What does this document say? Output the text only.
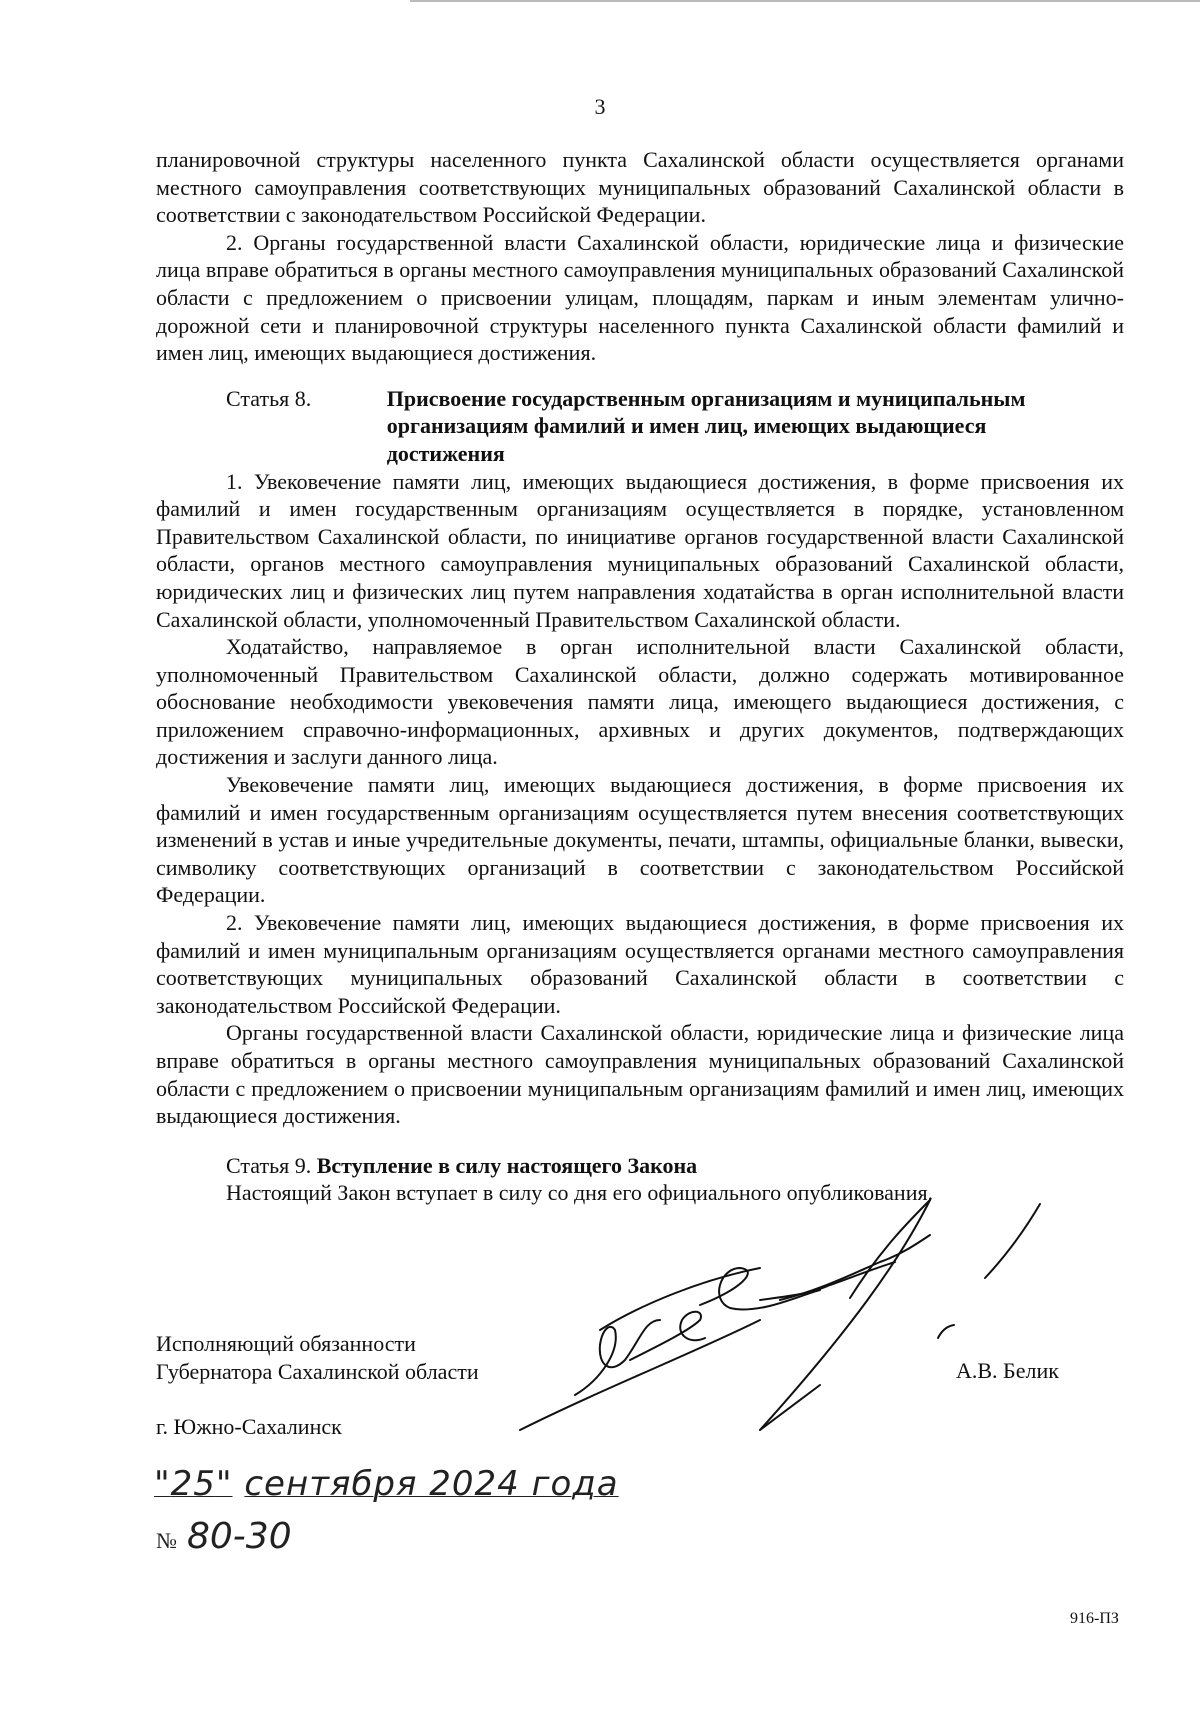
3

планировочной структуры населенного пункта Сахалинской области осуществляется органами местного самоуправления соответствующих муниципальных образований Сахалинской области в соответствии с законодательством Российской Федерации.

2. Органы государственной власти Сахалинской области, юридические лица и физические лица вправе обратиться в органы местного самоуправления муниципальных образований Сахалинской области с предложением о присвоении улицам, площадям, паркам и иным элементам улично-дорожной сети и планировочной структуры населенного пункта Сахалинской области фамилий и имен лиц, имеющих выдающиеся достижения.

Статья 8.
	Присвоение государственным организациям и муниципальным
организациям фамилий и имен лиц, имеющих выдающиеся
достижения

1. Увековечение памяти лиц, имеющих выдающиеся достижения, в форме присвоения их фамилий и имен государственным организациям осуществляется в порядке, установленном Правительством Сахалинской области, по инициативе органов государственной власти Сахалинской области, органов местного самоуправления муниципальных образований Сахалинской области, юридических лиц и физических лиц путем направления ходатайства в орган исполнительной власти Сахалинской области, уполномоченный Правительством Сахалинской области.

Ходатайство, направляемое в орган исполнительной власти Сахалинской области, уполномоченный Правительством Сахалинской области, должно содержать мотивированное обоснование необходимости увековечения памяти лица, имеющего выдающиеся достижения, с приложением справочно-информационных, архивных и других документов, подтверждающих достижения и заслуги данного лица.

Увековечение памяти лиц, имеющих выдающиеся достижения, в форме присвоения их фамилий и имен государственным организациям осуществляется путем внесения соответствующих изменений в устав и иные учредительные документы, печати, штампы, официальные бланки, вывески, символику соответствующих организаций в соответствии с законодательством Российской Федерации.

2. Увековечение памяти лиц, имеющих выдающиеся достижения, в форме присвоения их фамилий и имен муниципальным организациям осуществляется органами местного самоуправления соответствующих муниципальных образований Сахалинской области в соответствии с законодательством Российской Федерации.

Органы государственной власти Сахалинской области, юридические лица и физические лица вправе обратиться в органы местного самоуправления муниципальных образований Сахалинской области с предложением о присвоении муниципальным организациям фамилий и имен лиц, имеющих выдающиеся достижения.

Статья 9. Вступление в силу настоящего Закона
Настоящий Закон вступает в силу со дня его официального опубликования.
Исполняющий обязанности
Губернатора Сахалинской области	А.В. Белик
г. Южно-Сахалинск
"25" сентября 2024 года
№ 80-30
916-ПЗ
